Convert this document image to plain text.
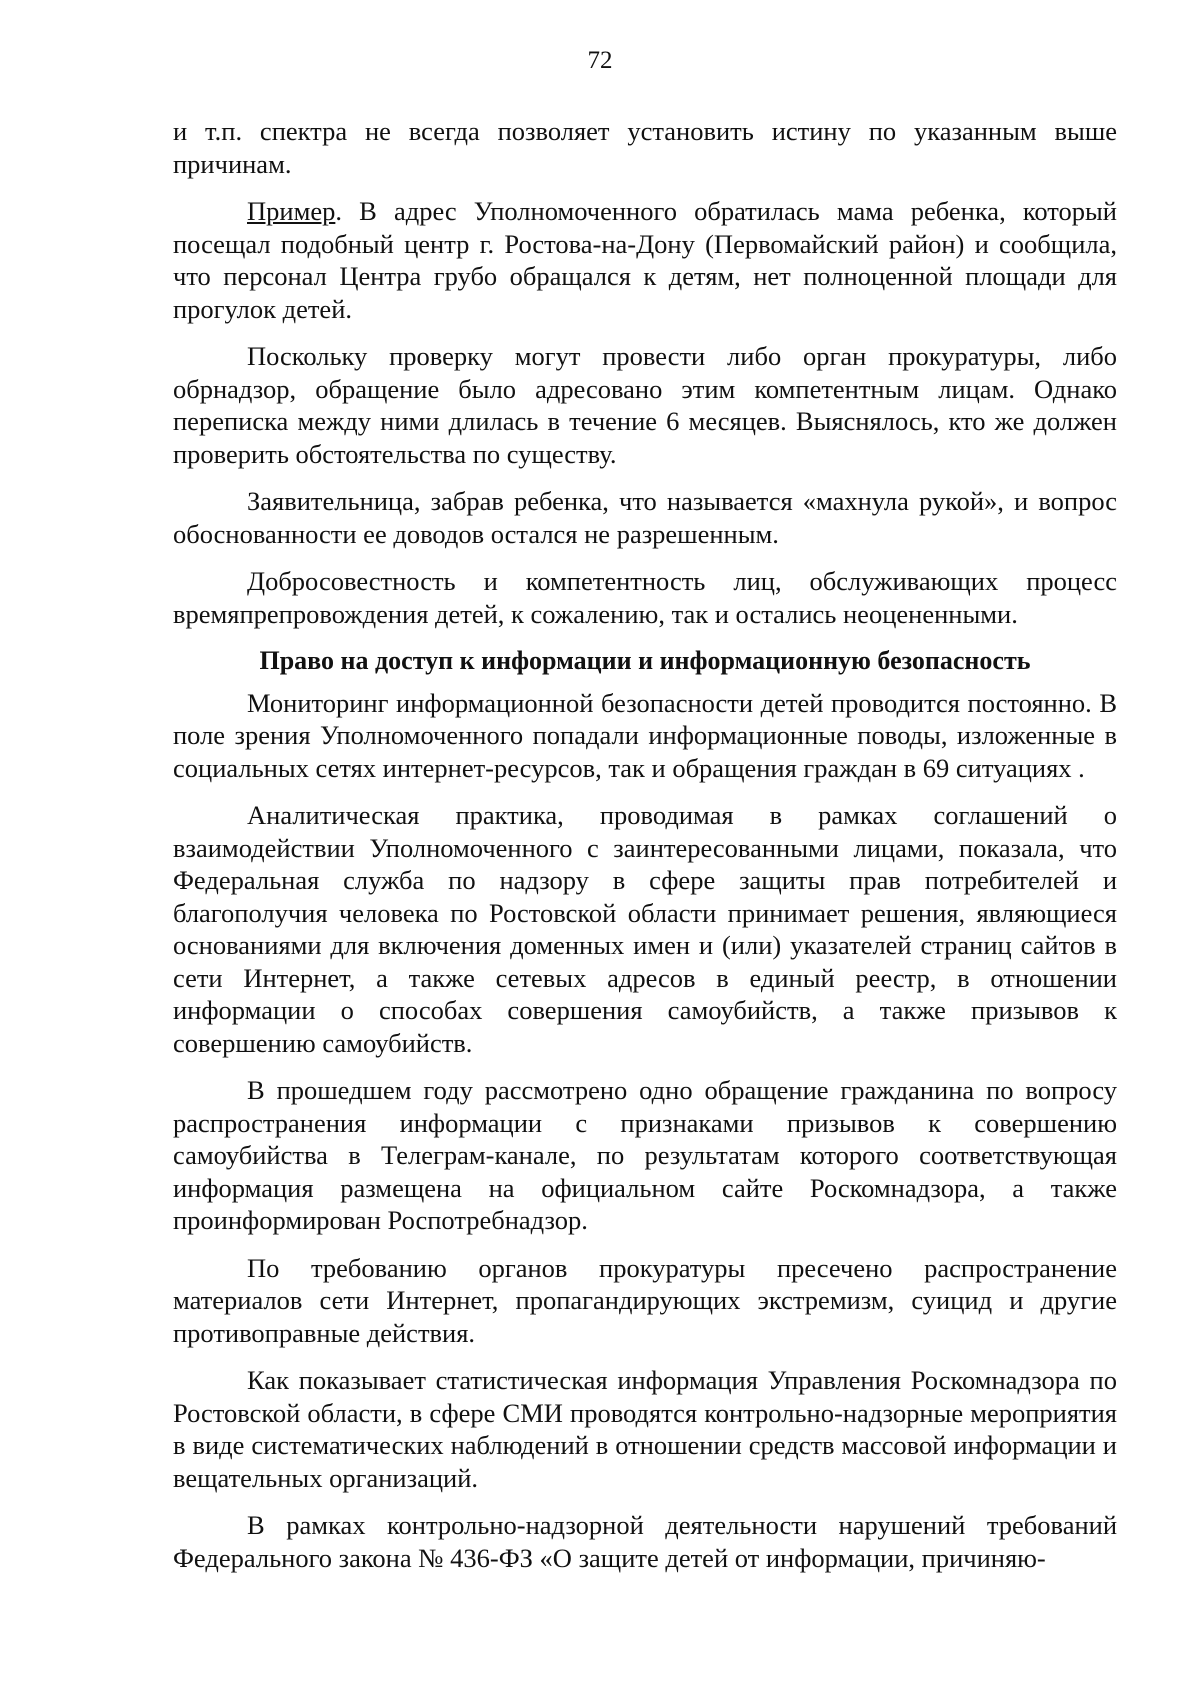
72

и т.п. спектра не всегда позволяет установить истину по указанным выше причинам.

Пример. В адрес Уполномоченного обратилась мама ребенка, который посещал подобный центр г. Ростова-на-Дону (Первомайский район) и сообщила, что персонал Центра грубо обращался к детям, нет полноценной площади для прогулок детей.

Поскольку проверку могут провести либо орган прокуратуры, либо обрнадзор, обращение было адресовано этим компетентным лицам. Однако переписка между ними длилась в течение 6 месяцев. Выяснялось, кто же должен проверить обстоятельства по существу.

Заявительница, забрав ребенка, что называется «махнула рукой», и вопрос обоснованности ее доводов остался не разрешенным.

Добросовестность и компетентность лиц, обслуживающих процесс времяпрепровождения детей, к сожалению, так и остались неоцененными.

Право на доступ к информации и информационную безопасность

Мониторинг информационной безопасности детей проводится постоянно. В поле зрения Уполномоченного попадали информационные поводы, изложенные в социальных сетях интернет-ресурсов, так и обращения граждан в 69 ситуациях .

Аналитическая практика, проводимая в рамках соглашений о взаимодействии Уполномоченного с заинтересованными лицами, показала, что Федеральная служба по надзору в сфере защиты прав потребителей и благополучия человека по Ростовской области принимает решения, являющиеся основаниями для включения доменных имен и (или) указателей страниц сайтов в сети Интернет, а также сетевых адресов в единый реестр, в отношении информации о способах совершения самоубийств, а также призывов к совершению самоубийств.

В прошедшем году рассмотрено одно обращение гражданина по вопросу распространения информации с признаками призывов к совершению самоубийства в Телеграм-канале, по результатам которого соответствующая информация размещена на официальном сайте Роскомнадзора, а также проинформирован Роспотребнадзор.

По требованию органов прокуратуры пресечено распространение материалов сети Интернет, пропагандирующих экстремизм, суицид и другие противоправные действия.

Как показывает статистическая информация Управления Роскомнадзора по Ростовской области, в сфере СМИ проводятся контрольно-надзорные мероприятия в виде систематических наблюдений в отношении средств массовой информации и вещательных организаций.

В рамках контрольно-надзорной деятельности нарушений требований Федерального закона № 436-ФЗ «О защите детей от информации, причиняю-
